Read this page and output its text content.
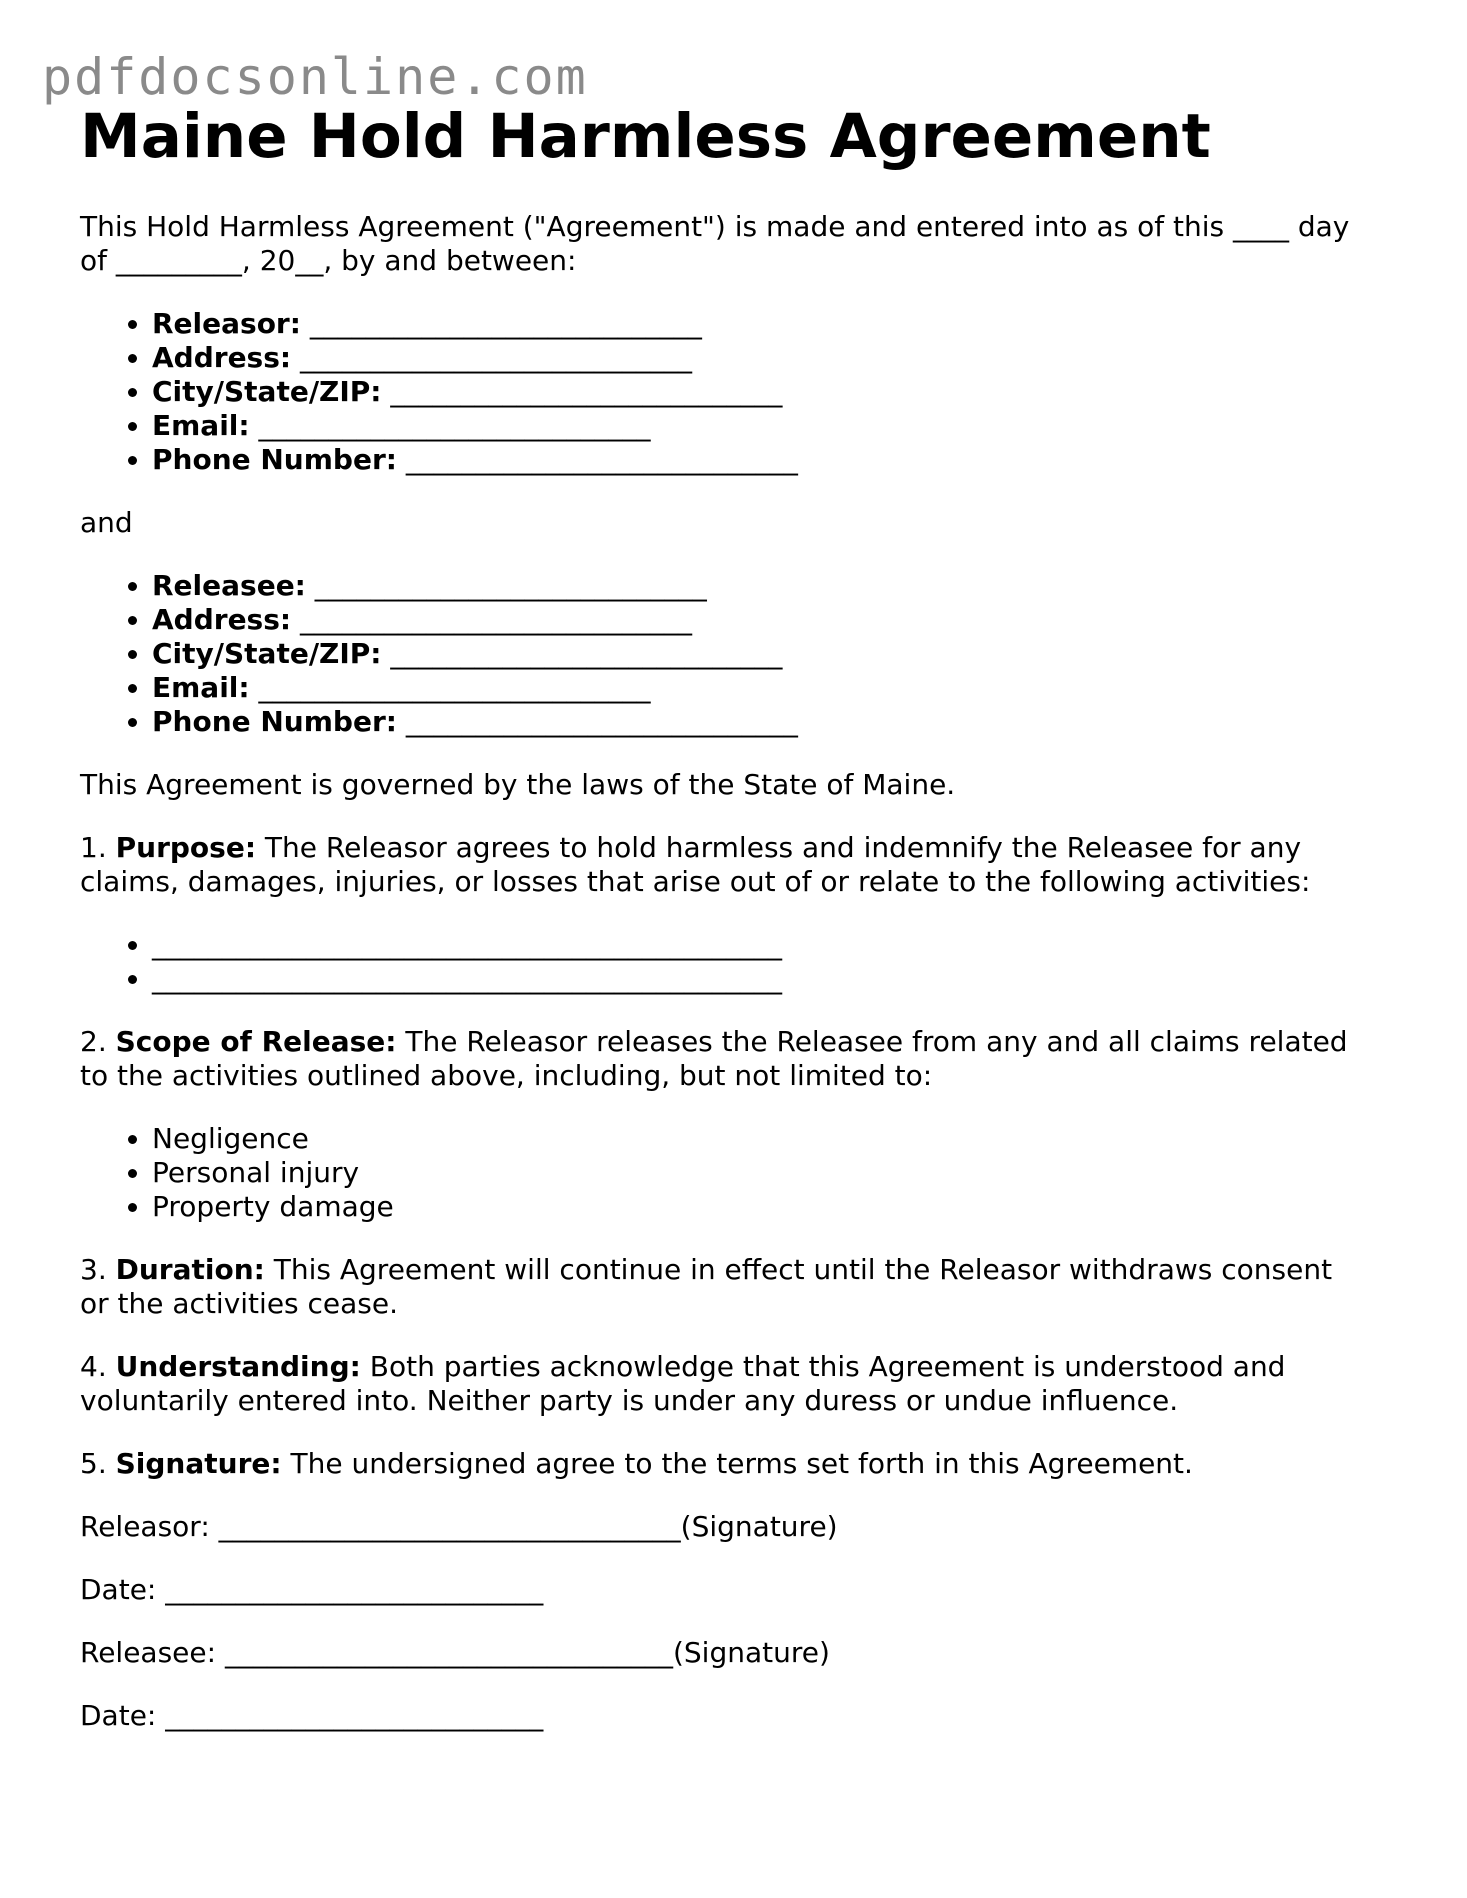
pdfdocsonline.com
Maine Hold Harmless Agreement

This Hold Harmless Agreement ("Agreement") is made and entered into as of this ____ day
of _________, 20__, by and between:

• Releasor: ____________________________
• Address: ____________________________
• City/State/ZIP: ____________________________
• Email: ____________________________
• Phone Number: ____________________________

and

• Releasee: ____________________________
• Address: ____________________________
• City/State/ZIP: ____________________________
• Email: ____________________________
• Phone Number: ____________________________

This Agreement is governed by the laws of the State of Maine.

1. Purpose: The Releasor agrees to hold harmless and indemnify the Releasee for any
claims, damages, injuries, or losses that arise out of or relate to the following activities:

• _____________________________________________
• _____________________________________________

2. Scope of Release: The Releasor releases the Releasee from any and all claims related
to the activities outlined above, including, but not limited to:

• Negligence
• Personal injury
• Property damage

3. Duration: This Agreement will continue in effect until the Releasor withdraws consent
or the activities cease.

4. Understanding: Both parties acknowledge that this Agreement is understood and
voluntarily entered into. Neither party is under any duress or undue influence.

5. Signature: The undersigned agree to the terms set forth in this Agreement.

Releasor: _________________________________(Signature)

Date: ___________________________

Releasee: ________________________________(Signature)

Date: ___________________________
